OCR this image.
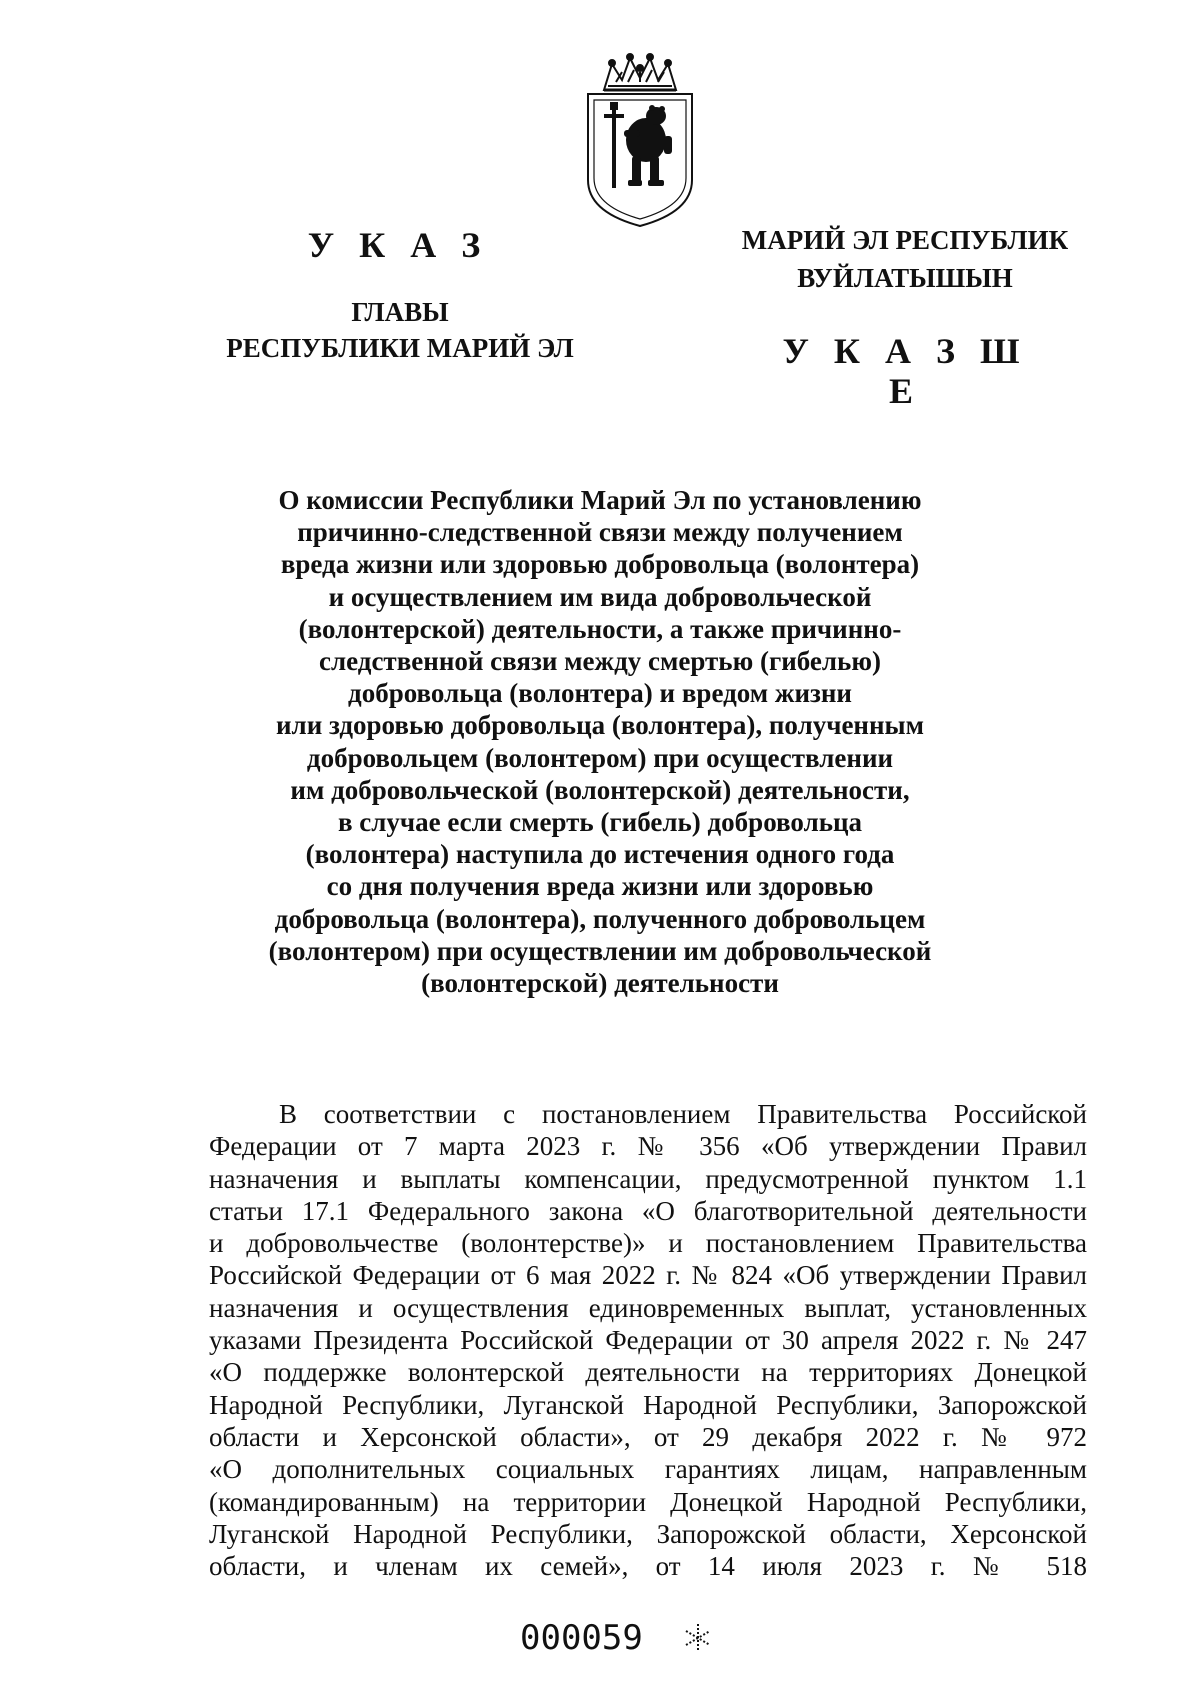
У К А З
ГЛАВЫ
РЕСПУБЛИКИ МАРИЙ ЭЛ
МАРИЙ ЭЛ РЕСПУБЛИК
ВУЙЛАТЫШЫН
У К А З Ш Е
О комиссии Республики Марий Эл по установлению
причинно-следственной связи между получением
вреда жизни или здоровью добровольца (волонтера)
и осуществлением им вида добровольческой
(волонтерской) деятельности, а также причинно-
следственной связи между смертью (гибелью)
добровольца (волонтера) и вредом жизни
или здоровью добровольца (волонтера), полученным
добровольцем (волонтером) при осуществлении
им добровольческой (волонтерской) деятельности,
в случае если смерть (гибель) добровольца
(волонтера) наступила до истечения одного года
со дня получения вреда жизни или здоровью
добровольца (волонтера), полученного добровольцем
(волонтером) при осуществлении им добровольческой
(волонтерской) деятельности
В соответствии с постановлением Правительства Российской
Федерации от 7 марта 2023 г. № 356 «Об утверждении Правил
назначения и выплаты компенсации, предусмотренной пунктом 1.1
статьи 17.1 Федерального закона «О благотворительной деятельности
и добровольчестве (волонтерстве)» и постановлением Правительства
Российской Федерации от 6 мая 2022 г. № 824 «Об утверждении Правил
назначения и осуществления единовременных выплат, установленных
указами Президента Российской Федерации от 30 апреля 2022 г. № 247
«О поддержке волонтерской деятельности на территориях Донецкой
Народной Республики, Луганской Народной Республики, Запорожской
области и Херсонской области», от 29 декабря 2022 г. № 972
«О дополнительных социальных гарантиях лицам, направленным
(командированным) на территории Донецкой Народной Республики,
Луганской Народной Республики, Запорожской области, Херсонской
области, и членам их семей», от 14 июля 2023 г. № 518
000059
